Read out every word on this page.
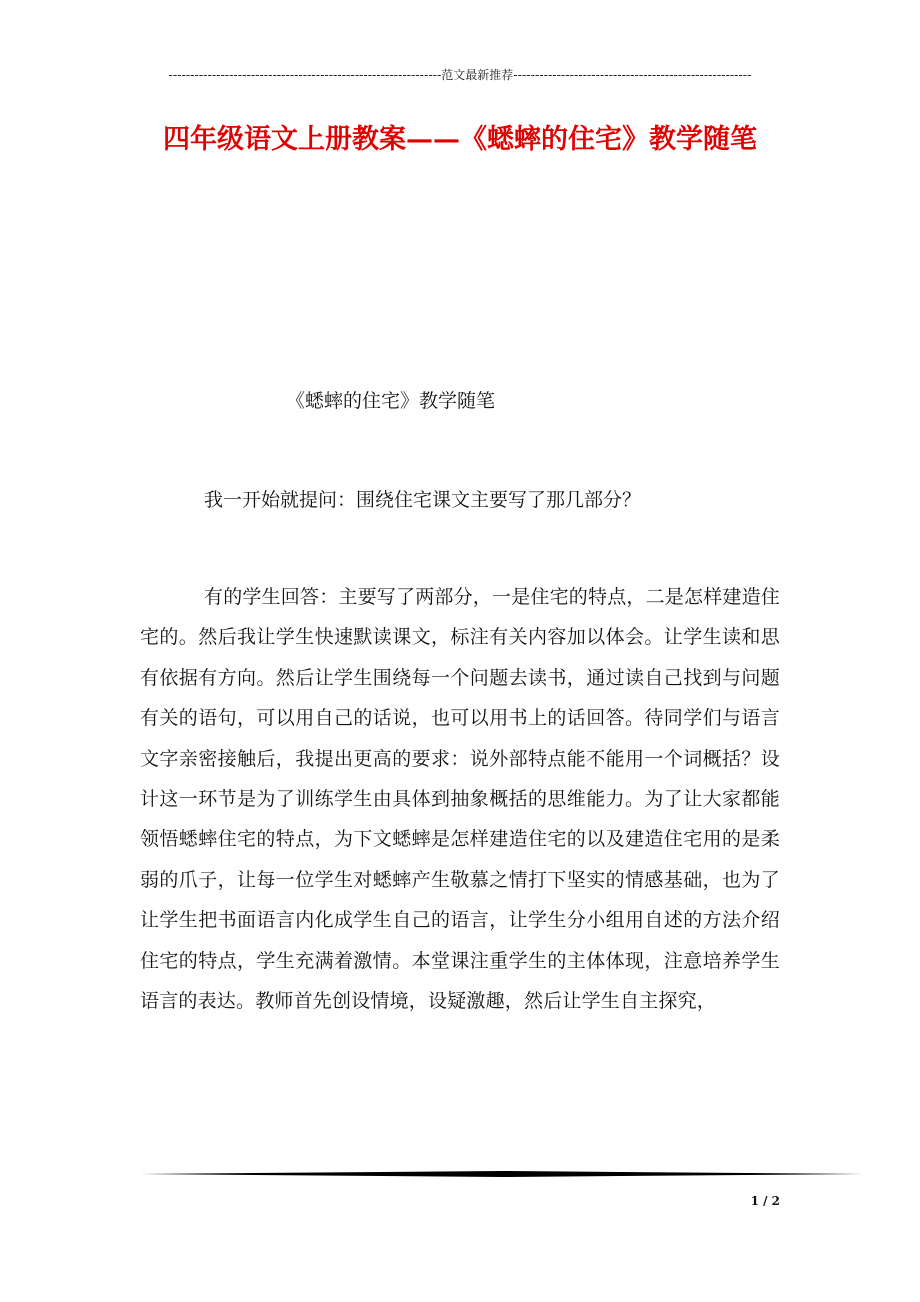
---------------------------------------------------------------范文最新推荐-------------------------------------------------------
四年级语文上册教案——《蟋蟀的住宅》教学随笔
《蟋蟀的住宅》教学随笔

我一开始就提问：围绕住宅课文主要写了那几部分？

有的学生回答：主要写了两部分，一是住宅的特点，二是怎样建造住宅的。然后我让学生快速默读课文，标注有关内容加以体会。让学生读和思有依据有方向。然后让学生围绕每一个问题去读书，通过读自己找到与问题有关的语句，可以用自己的话说，也可以用书上的话回答。待同学们与语言文字亲密接触后，我提出更高的要求：说外部特点能不能用一个词概括？设计这一环节是为了训练学生由具体到抽象概括的思维能力。为了让大家都能领悟蟋蟀住宅的特点，为下文蟋蟀是怎样建造住宅的以及建造住宅用的是柔弱的爪子，让每一位学生对蟋蟀产生敬慕之情打下坚实的情感基础，也为了让学生把书面语言内化成学生自己的语言，让学生分小组用自述的方法介绍住宅的特点，学生充满着激情。本堂课注重学生的主体体现，注意培养学生语言的表达。教师首先创设情境，设疑激趣，然后让学生自主探究，

1 / 2
